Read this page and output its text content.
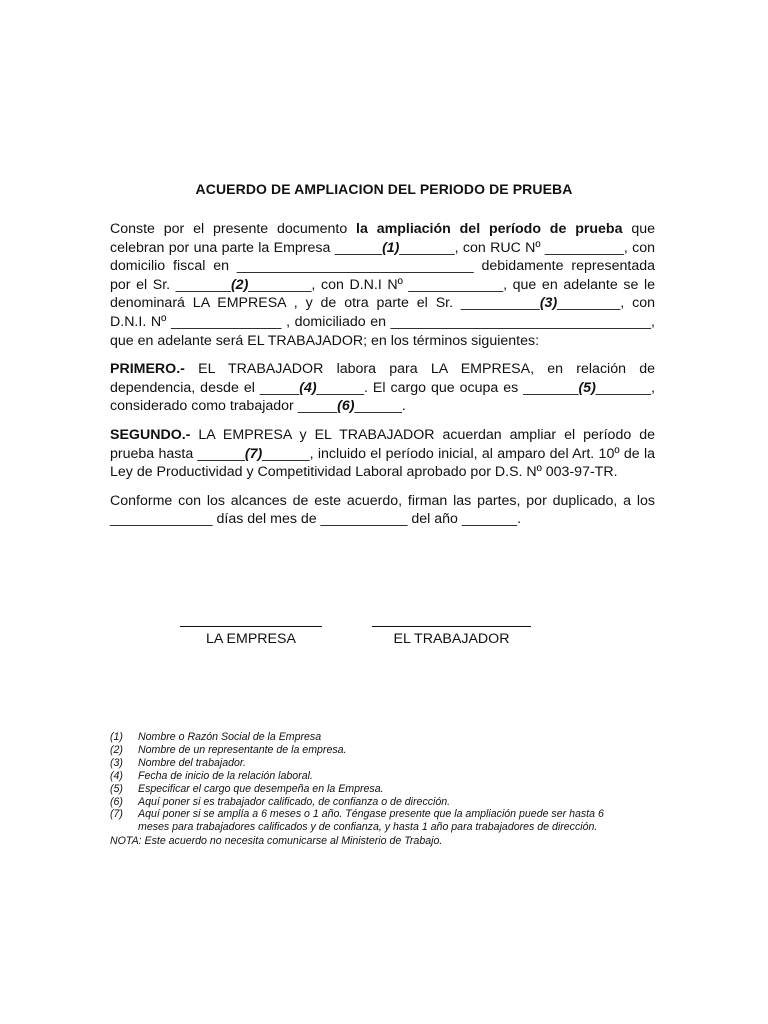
ACUERDO DE AMPLIACION DEL PERIODO DE PRUEBA

Conste por el presente documento la ampliación del período de prueba que
celebran por una parte la Empresa ______(1)_______, con RUC Nº __________, con
domicilio fiscal en ______________________________ debidamente representada
por el Sr. _______(2)________, con D.N.I Nº ____________, que en adelante se le
denominará LA EMPRESA , y de otra parte el Sr. __________(3)________, con
D.N.I. Nº ______________ , domiciliado en _________________________________,
que en adelante será EL TRABAJADOR; en los términos siguientes:

PRIMERO.- EL TRABAJADOR labora para LA EMPRESA, en relación de
dependencia, desde el _____(4)______. El cargo que ocupa es _______(5)_______,
considerado como trabajador _____(6)______.

SEGUNDO.- LA EMPRESA y EL TRABAJADOR acuerdan ampliar el período de
prueba hasta ______(7)______, incluido el período inicial, al amparo del Art. 10º de la
Ley de Productividad y Competitividad Laboral aprobado por D.S. Nº 003-97-TR.

Conforme con los alcances de este acuerdo, firman las partes, por duplicado, a los
_____________ días del mes de ___________ del año _______.

LA EMPRESA	EL TRABAJADOR
(1)	Nombre o Razón Social de la Empresa
(2)	Nombre de un representante de la empresa.
(3)	Nombre del trabajador.
(4)	Fecha de inicio de la relación laboral.
(5)	Especificar el cargo que desempeña en la Empresa.
(6)	Aquí poner si es trabajador calificado, de confianza o de dirección.
(7)	Aquí poner si se amplía a 6 meses o 1 año. Téngase presente que la ampliación puede ser hasta 6 meses para trabajadores calificados y de confianza, y hasta 1 año para trabajadores de dirección.
NOTA: Este acuerdo no necesita comunicarse al Ministerio de Trabajo.
